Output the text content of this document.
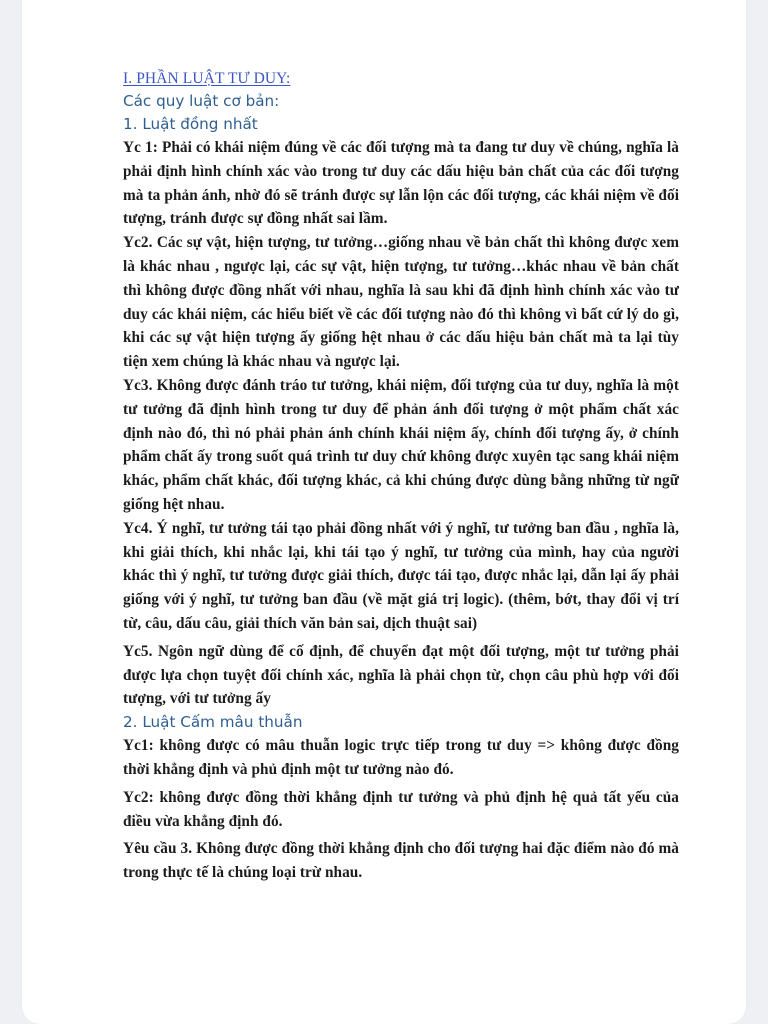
I. PHẦN LUẬT TƯ DUY:

Các quy luật cơ bản:

1. Luật đồng nhất

Yc 1: Phải có khái niệm đúng về các đối tượng mà ta đang tư duy về chúng, nghĩa là phải định hình chính xác vào trong tư duy các dấu hiệu bản chất của các đối tượng mà ta phản ánh, nhờ đó sẽ tránh được sự lẫn lộn các đối tượng, các khái niệm về đối tượng, tránh được sự đồng nhất sai lầm.

Yc2. Các sự vật, hiện tượng, tư tưởng…giống nhau về bản chất thì không được xem là khác nhau , ngược lại, các sự vật, hiện tượng, tư tưởng…khác nhau về bản chất thì không được đồng nhất với nhau, nghĩa là sau khi đã định hình chính xác vào tư duy các khái niệm, các hiểu biết về các đối tượng nào đó thì không vì bất cứ lý do gì, khi các sự vật hiện tượng ấy giống hệt nhau ở các dấu hiệu bản chất mà ta lại tùy tiện xem chúng là khác nhau và ngược lại.

Yc3. Không được đánh tráo tư tưởng, khái niệm, đối tượng của tư duy, nghĩa là một tư tưởng đã định hình trong tư duy để phản ánh đối tượng ở một phẩm chất xác định nào đó, thì nó phải phản ánh chính khái niệm ấy, chính đối tượng ấy, ở chính phẩm chất ấy trong suốt quá trình tư duy chứ không được xuyên tạc sang khái niệm khác, phẩm chất khác, đối tượng khác, cả khi chúng được dùng bằng những từ ngữ giống hệt nhau.

Yc4. Ý nghĩ, tư tưởng tái tạo phải đồng nhất với ý nghĩ, tư tưởng ban đầu , nghĩa là, khi giải thích, khi nhắc lại, khi tái tạo ý nghĩ, tư tưởng của mình, hay của người khác thì ý nghĩ, tư tưởng được giải thích, được tái tạo, được nhắc lại, dẫn lại ấy phải giống với ý nghĩ, tư tưởng ban đầu (về mặt giá trị logic). (thêm, bớt, thay đổi vị trí từ, câu, dấu câu, giải thích văn bản sai, dịch thuật sai)

Yc5. Ngôn ngữ dùng để cố định, để chuyển đạt một đối tượng, một tư tưởng phải được lựa chọn tuyệt đối chính xác, nghĩa là phải chọn từ, chọn câu phù hợp với đối tượng, với tư tưởng ấy

2. Luật Cấm mâu thuẫn

Yc1: không được có mâu thuẫn logic trực tiếp trong tư duy => không được đồng thời khẳng định và phủ định một tư tưởng nào đó.

Yc2: không được đồng thời khẳng định tư tưởng và phủ định hệ quả tất yếu của điều vừa khẳng định đó.

Yêu cầu 3. Không được đồng thời khẳng định cho đối tượng hai đặc điểm nào đó mà trong thực tế là chúng loại trừ nhau.
